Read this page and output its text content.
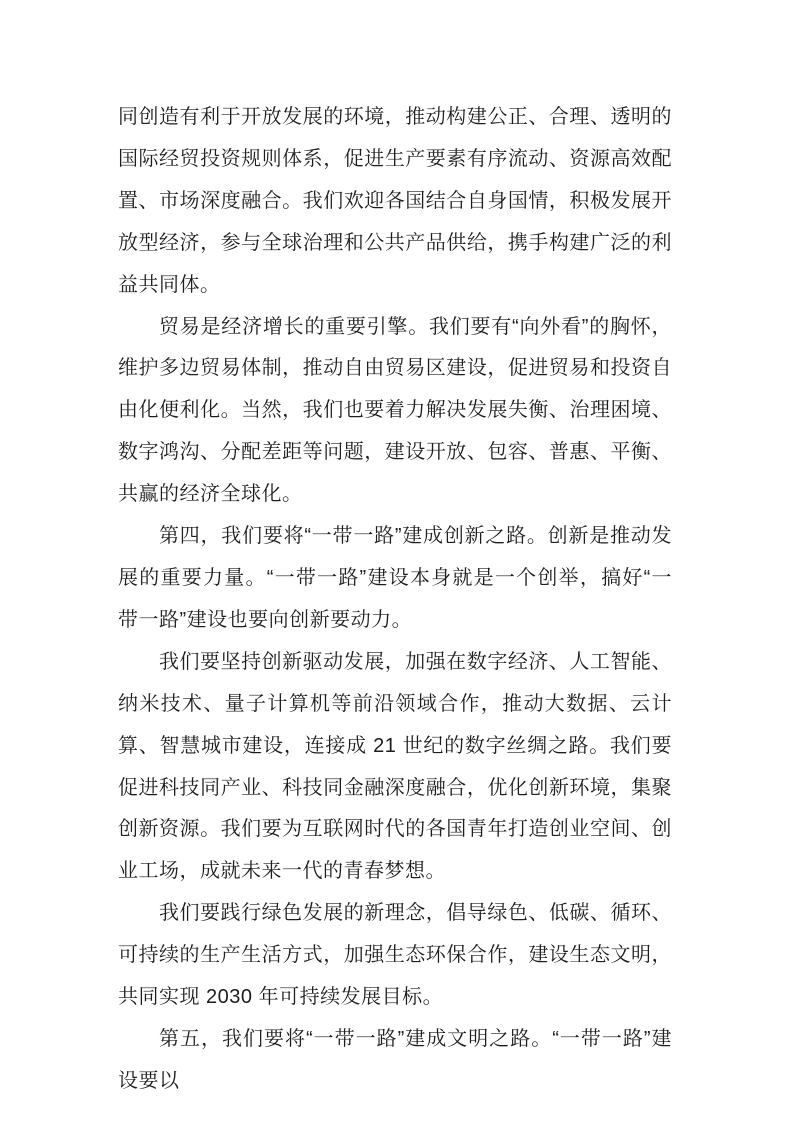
同创造有利于开放发展的环境，推动构建公正、合理、透明的国际经贸投资规则体系，促进生产要素有序流动、资源高效配置、市场深度融合。我们欢迎各国结合自身国情，积极发展开放型经济，参与全球治理和公共产品供给，携手构建广泛的利益共同体。

贸易是经济增长的重要引擎。我们要有“向外看”的胸怀，维护多边贸易体制，推动自由贸易区建设，促进贸易和投资自由化便利化。当然，我们也要着力解决发展失衡、治理困境、数字鸿沟、分配差距等问题，建设开放、包容、普惠、平衡、共赢的经济全球化。

第四，我们要将“一带一路”建成创新之路。创新是推动发展的重要力量。“一带一路”建设本身就是一个创举，搞好“一带一路”建设也要向创新要动力。

我们要坚持创新驱动发展，加强在数字经济、人工智能、纳米技术、量子计算机等前沿领域合作，推动大数据、云计算、智慧城市建设，连接成 21 世纪的数字丝绸之路。我们要促进科技同产业、科技同金融深度融合，优化创新环境，集聚创新资源。我们要为互联网时代的各国青年打造创业空间、创业工场，成就未来一代的青春梦想。

我们要践行绿色发展的新理念，倡导绿色、低碳、循环、可持续的生产生活方式，加强生态环保合作，建设生态文明，共同实现 2030 年可持续发展目标。

第五，我们要将“一带一路”建成文明之路。“一带一路”建设要以
